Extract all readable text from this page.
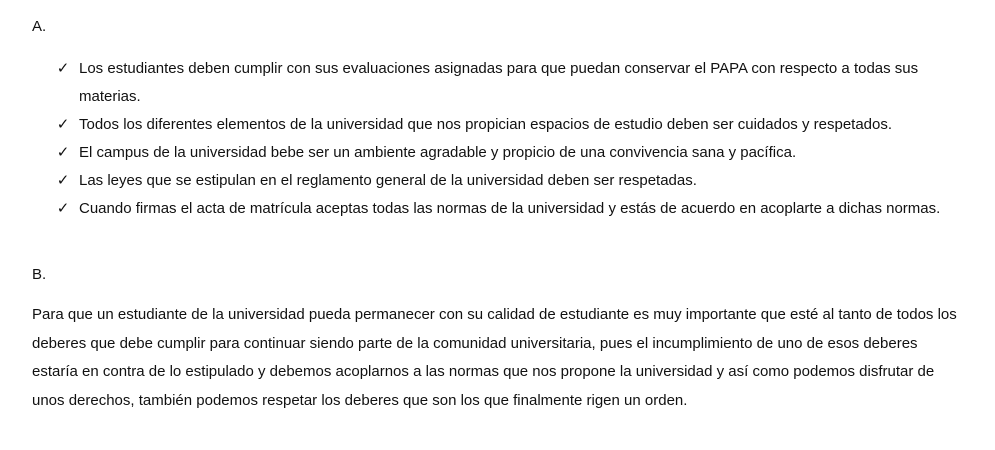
A.
✓ Los estudiantes deben cumplir con sus evaluaciones asignadas para que puedan conservar el PAPA con respecto a todas sus materias.
✓ Todos los diferentes elementos de la universidad que nos propician espacios de estudio deben ser cuidados y respetados.
✓ El campus de la universidad bebe ser un ambiente agradable y propicio de una convivencia sana y pacífica.
✓ Las leyes que se estipulan en el reglamento general de la universidad deben ser respetadas.
✓ Cuando firmas el acta de matrícula aceptas todas las normas de la universidad y estás de acuerdo en acoplarte a dichas normas.
B.

Para que un estudiante de la universidad pueda permanecer con su calidad de estudiante es muy importante que esté al tanto de todos los deberes que debe cumplir para continuar siendo parte de la comunidad universitaria, pues el incumplimiento de uno de esos deberes estaría en contra de lo estipulado y debemos acoplarnos a las normas que nos propone la universidad y así como podemos disfrutar de unos derechos, también podemos respetar los deberes que son los que finalmente rigen un orden.
